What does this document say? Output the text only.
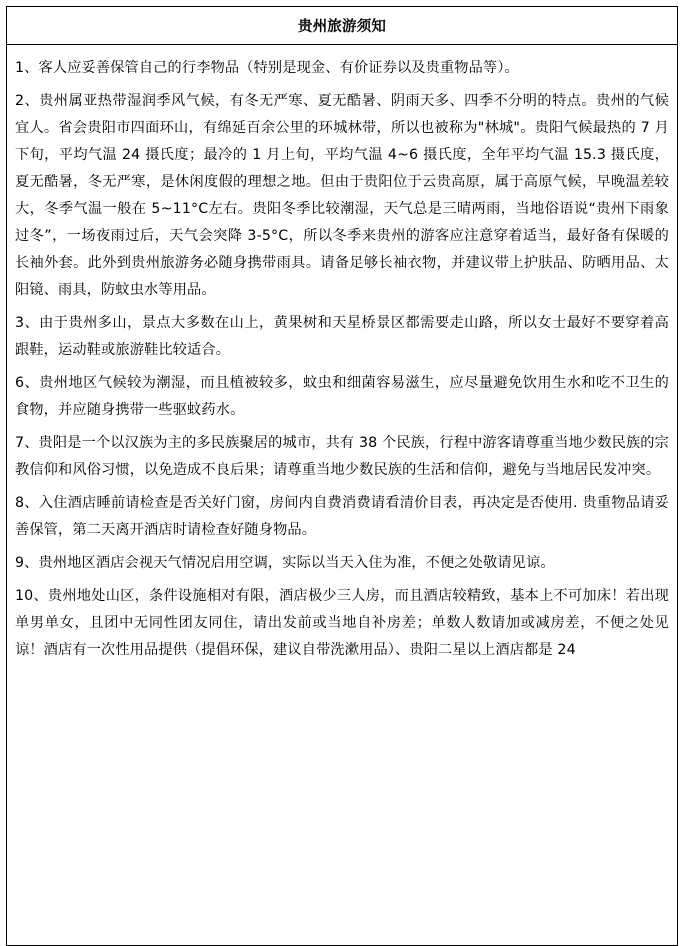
贵州旅游须知

1、客人应妥善保管自己的行李物品（特别是现金、有价证券以及贵重物品等）。

2、贵州属亚热带湿润季风气候，有冬无严寒、夏无酷暑、阴雨天多、四季不分明的特点。贵州的气候宜人。省会贵阳市四面环山，有绵延百余公里的环城林带，所以也被称为"林城"。贵阳气候最热的 7 月下旬，平均气温 24 摄氏度；最冷的 1 月上旬，平均气温 4~6 摄氏度，全年平均气温 15.3 摄氏度，夏无酷暑，冬无严寒，是休闲度假的理想之地。但由于贵阳位于云贵高原，属于高原气候，早晚温差较大，冬季气温一般在 5~11°C左右。贵阳冬季比较潮湿，天气总是三晴两雨，当地俗语说“贵州下雨象过冬”，一场夜雨过后，天气会突降 3-5°C，所以冬季来贵州的游客应注意穿着适当，最好备有保暖的长袖外套。此外到贵州旅游务必随身携带雨具。请备足够长袖衣物，并建议带上护肤品、防晒用品、太阳镜、雨具，防蚊虫水等用品。

3、由于贵州多山，景点大多数在山上，黄果树和天星桥景区都需要走山路，所以女士最好不要穿着高跟鞋，运动鞋或旅游鞋比较适合。

6、贵州地区气候较为潮湿，而且植被较多，蚊虫和细菌容易滋生，应尽量避免饮用生水和吃不卫生的食物，并应随身携带一些驱蚊药水。

7、贵阳是一个以汉族为主的多民族聚居的城市，共有 38 个民族，行程中游客请尊重当地少数民族的宗教信仰和风俗习惯，以免造成不良后果；请尊重当地少数民族的生活和信仰，避免与当地居民发冲突。

8、入住酒店睡前请检查是否关好门窗，房间内自费消费请看清价目表，再决定是否使用. 贵重物品请妥善保管，第二天离开酒店时请检查好随身物品。

9、贵州地区酒店会视天气情况启用空调，实际以当天入住为准，不便之处敬请见谅。

10、贵州地处山区，条件设施相对有限，酒店极少三人房，而且酒店较精致，基本上不可加床！若出现单男单女，且团中无同性团友同住，请出发前或当地自补房差；单数人数请加或减房差，不便之处见谅！酒店有一次性用品提供（提倡环保，建议自带洗漱用品）、贵阳二星以上酒店都是 24
